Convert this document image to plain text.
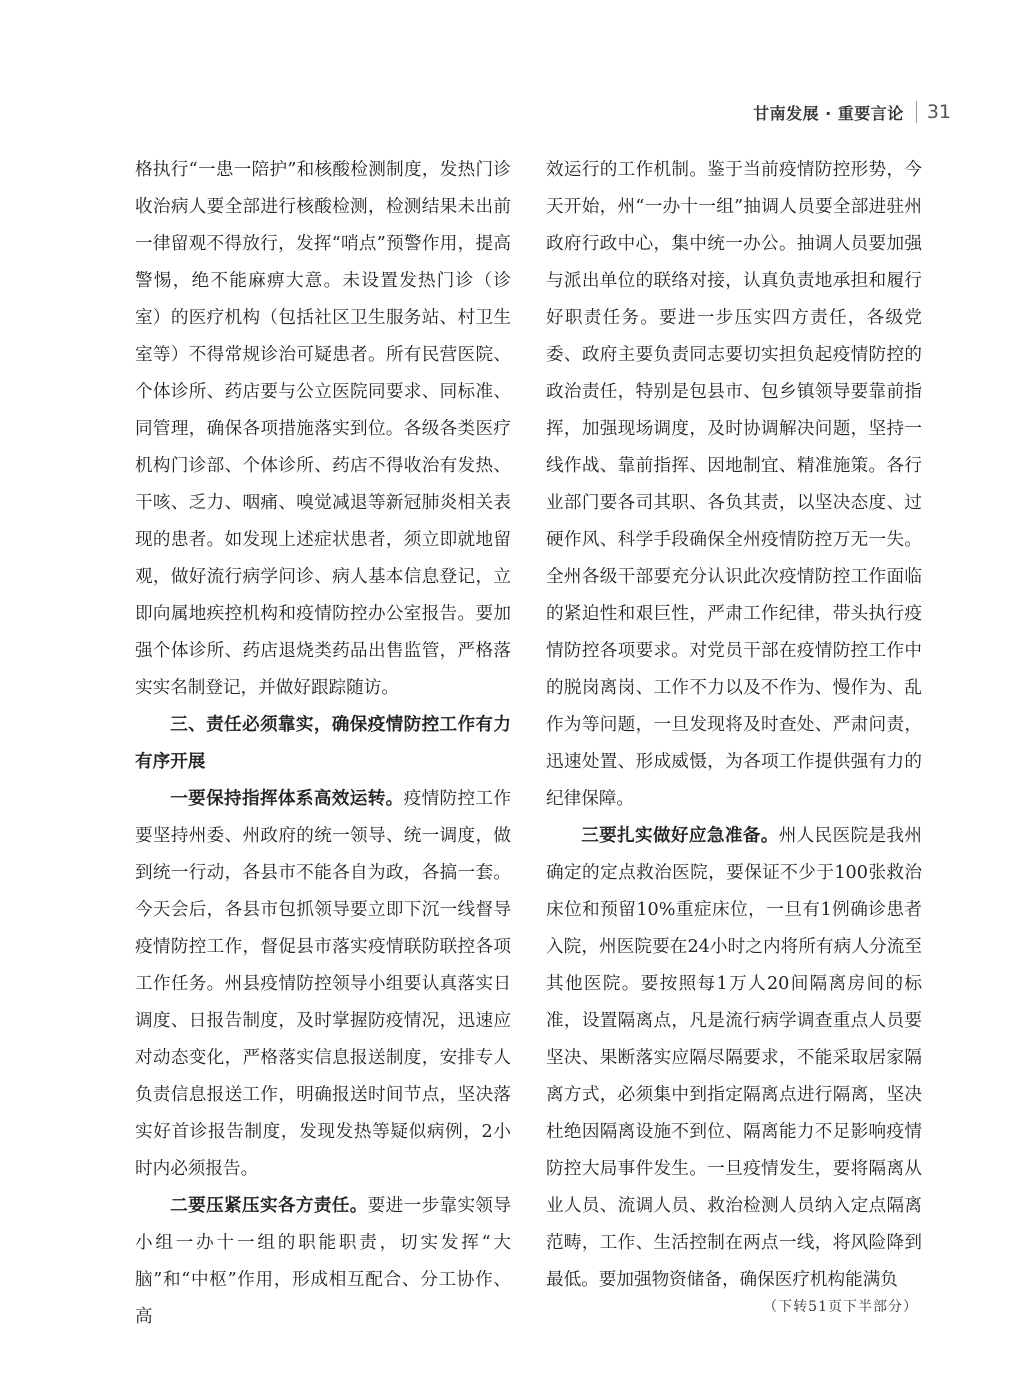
甘南发展 · 重要言论 31

格执行“一患一陪护”和核酸检测制度，发热门诊收治病人要全部进行核酸检测，检测结果未出前一律留观不得放行，发挥“哨点”预警作用，提高警惕，绝不能麻痹大意。未设置发热门诊（诊室）的医疗机构（包括社区卫生服务站、村卫生室等）不得常规诊治可疑患者。所有民营医院、个体诊所、药店要与公立医院同要求、同标准、同管理，确保各项措施落实到位。各级各类医疗机构门诊部、个体诊所、药店不得收治有发热、干咳、乏力、咽痛、嗅觉减退等新冠肺炎相关表现的患者。如发现上述症状患者，须立即就地留观，做好流行病学问诊、病人基本信息登记，立即向属地疾控机构和疫情防控办公室报告。要加强个体诊所、药店退烧类药品出售监管，严格落实实名制登记，并做好跟踪随访。

三、责任必须靠实，确保疫情防控工作有力有序开展

一要保持指挥体系高效运转。疫情防控工作要坚持州委、州政府的统一领导、统一调度，做到统一行动，各县市不能各自为政，各搞一套。今天会后，各县市包抓领导要立即下沉一线督导疫情防控工作，督促县市落实疫情联防联控各项工作任务。州县疫情防控领导小组要认真落实日调度、日报告制度，及时掌握防疫情况，迅速应对动态变化，严格落实信息报送制度，安排专人负责信息报送工作，明确报送时间节点，坚决落实好首诊报告制度，发现发热等疑似病例，2小时内必须报告。

二要压紧压实各方责任。要进一步靠实领导小组一办十一组的职能职责，切实发挥“大脑”和“中枢”作用，形成相互配合、分工协作、高

效运行的工作机制。鉴于当前疫情防控形势，今天开始，州“一办十一组”抽调人员要全部进驻州政府行政中心，集中统一办公。抽调人员要加强与派出单位的联络对接，认真负责地承担和履行好职责任务。要进一步压实四方责任，各级党委、政府主要负责同志要切实担负起疫情防控的政治责任，特别是包县市、包乡镇领导要靠前指挥，加强现场调度，及时协调解决问题，坚持一线作战、靠前指挥、因地制宜、精准施策。各行业部门要各司其职、各负其责，以坚决态度、过硬作风、科学手段确保全州疫情防控万无一失。全州各级干部要充分认识此次疫情防控工作面临的紧迫性和艰巨性，严肃工作纪律，带头执行疫情防控各项要求。对党员干部在疫情防控工作中的脱岗离岗、工作不力以及不作为、慢作为、乱作为等问题，一旦发现将及时查处、严肃问责，迅速处置、形成威慑，为各项工作提供强有力的纪律保障。

三要扎实做好应急准备。州人民医院是我州确定的定点救治医院，要保证不少于100张救治床位和预留10%重症床位，一旦有1例确诊患者入院，州医院要在24小时之内将所有病人分流至其他医院。要按照每1万人20间隔离房间的标准，设置隔离点，凡是流行病学调查重点人员要坚决、果断落实应隔尽隔要求，不能采取居家隔离方式，必须集中到指定隔离点进行隔离，坚决杜绝因隔离设施不到位、隔离能力不足影响疫情防控大局事件发生。一旦疫情发生，要将隔离从业人员、流调人员、救治检测人员纳入定点隔离范畴，工作、生活控制在两点一线，将风险降到最低。要加强物资储备，确保医疗机构能满负

（下转51页下半部分）
